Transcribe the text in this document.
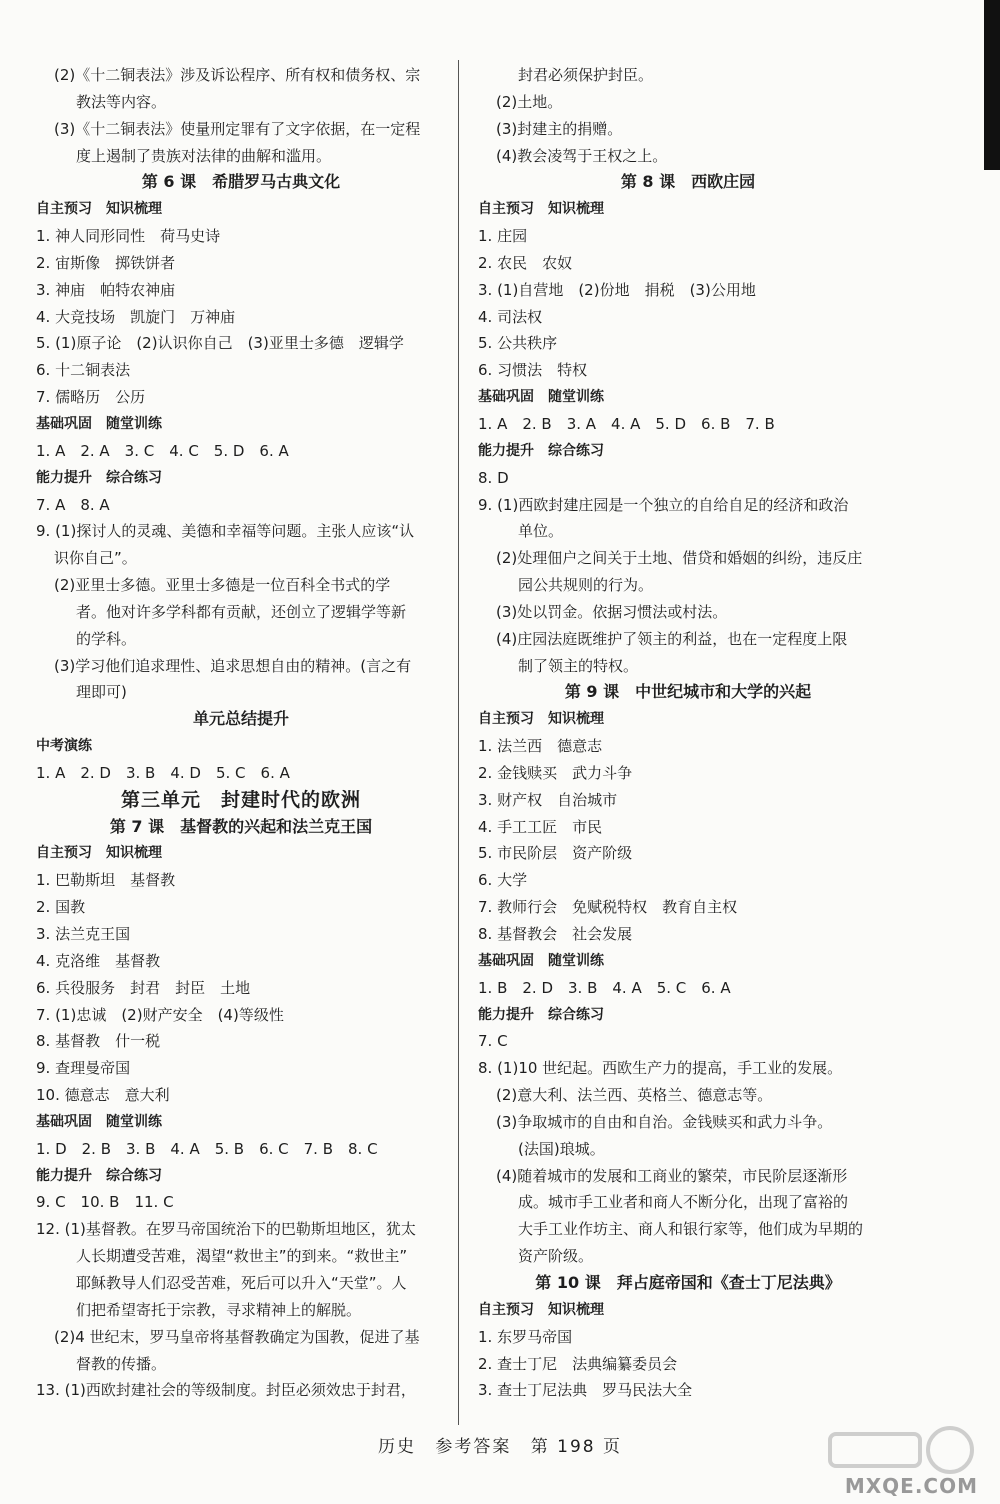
(2)《十二铜表法》涉及诉讼程序、所有权和债务权、宗
教法等内容。
(3)《十二铜表法》使量刑定罪有了文字依据，在一定程
度上遏制了贵族对法律的曲解和滥用。
第 6 课　希腊罗马古典文化
自主预习　知识梳理
1. 神人同形同性　荷马史诗
2. 宙斯像　掷铁饼者
3. 神庙　帕特农神庙
4. 大竞技场　凯旋门　万神庙
5. (1)原子论　(2)认识你自己　(3)亚里士多德　逻辑学
6. 十二铜表法
7. 儒略历　公历
基础巩固　随堂训练
1. A　2. A　3. C　4. C　5. D　6. A
能力提升　综合练习
7. A　8. A
9. (1)探讨人的灵魂、美德和幸福等问题。主张人应该“认
识你自己”。
(2)亚里士多德。亚里士多德是一位百科全书式的学
者。他对许多学科都有贡献，还创立了逻辑学等新
的学科。
(3)学习他们追求理性、追求思想自由的精神。(言之有
理即可)
单元总结提升
中考演练
1. A　2. D　3. B　4. D　5. C　6. A
第三单元　封建时代的欧洲
第 7 课　基督教的兴起和法兰克王国
自主预习　知识梳理
1. 巴勒斯坦　基督教
2. 国教
3. 法兰克王国
4. 克洛维　基督教
6. 兵役服务　封君　封臣　土地
7. (1)忠诚　(2)财产安全　(4)等级性
8. 基督教　什一税
9. 查理曼帝国
10. 德意志　意大利
基础巩固　随堂训练
1. D　2. B　3. B　4. A　5. B　6. C　7. B　8. C
能力提升　综合练习
9. C　10. B　11. C
12. (1)基督教。在罗马帝国统治下的巴勒斯坦地区，犹太
人长期遭受苦难，渴望“救世主”的到来。“救世主”
耶稣教导人们忍受苦难，死后可以升入“天堂”。人
们把希望寄托于宗教，寻求精神上的解脱。
(2)4 世纪末，罗马皇帝将基督教确定为国教，促进了基
督教的传播。
13. (1)西欧封建社会的等级制度。封臣必须效忠于封君，
封君必须保护封臣。
(2)土地。
(3)封建主的捐赠。
(4)教会凌驾于王权之上。
第 8 课　西欧庄园
自主预习　知识梳理
1. 庄园
2. 农民　农奴
3. (1)自营地　(2)份地　捐税　(3)公用地
4. 司法权
5. 公共秩序
6. 习惯法　特权
基础巩固　随堂训练
1. A　2. B　3. A　4. A　5. D　6. B　7. B
能力提升　综合练习
8. D
9. (1)西欧封建庄园是一个独立的自给自足的经济和政治
单位。
(2)处理佃户之间关于土地、借贷和婚姻的纠纷，违反庄
园公共规则的行为。
(3)处以罚金。依据习惯法或村法。
(4)庄园法庭既维护了领主的利益，也在一定程度上限
制了领主的特权。
第 9 课　中世纪城市和大学的兴起
自主预习　知识梳理
1. 法兰西　德意志
2. 金钱赎买　武力斗争
3. 财产权　自治城市
4. 手工工匠　市民
5. 市民阶层　资产阶级
6. 大学
7. 教师行会　免赋税特权　教育自主权
8. 基督教会　社会发展
基础巩固　随堂训练
1. B　2. D　3. B　4. A　5. C　6. A
能力提升　综合练习
7. C
8. (1)10 世纪起。西欧生产力的提高，手工业的发展。
(2)意大利、法兰西、英格兰、德意志等。
(3)争取城市的自由和自治。金钱赎买和武力斗争。
(法国)琅城。
(4)随着城市的发展和工商业的繁荣，市民阶层逐渐形
成。城市手工业者和商人不断分化，出现了富裕的
大手工业作坊主、商人和银行家等，他们成为早期的
资产阶级。
第 10 课　拜占庭帝国和《查士丁尼法典》
自主预习　知识梳理
1. 东罗马帝国
2. 查士丁尼　法典编纂委员会
3. 查士丁尼法典　罗马民法大全
历史 参考答案 第 198 页
MXQE.COM
